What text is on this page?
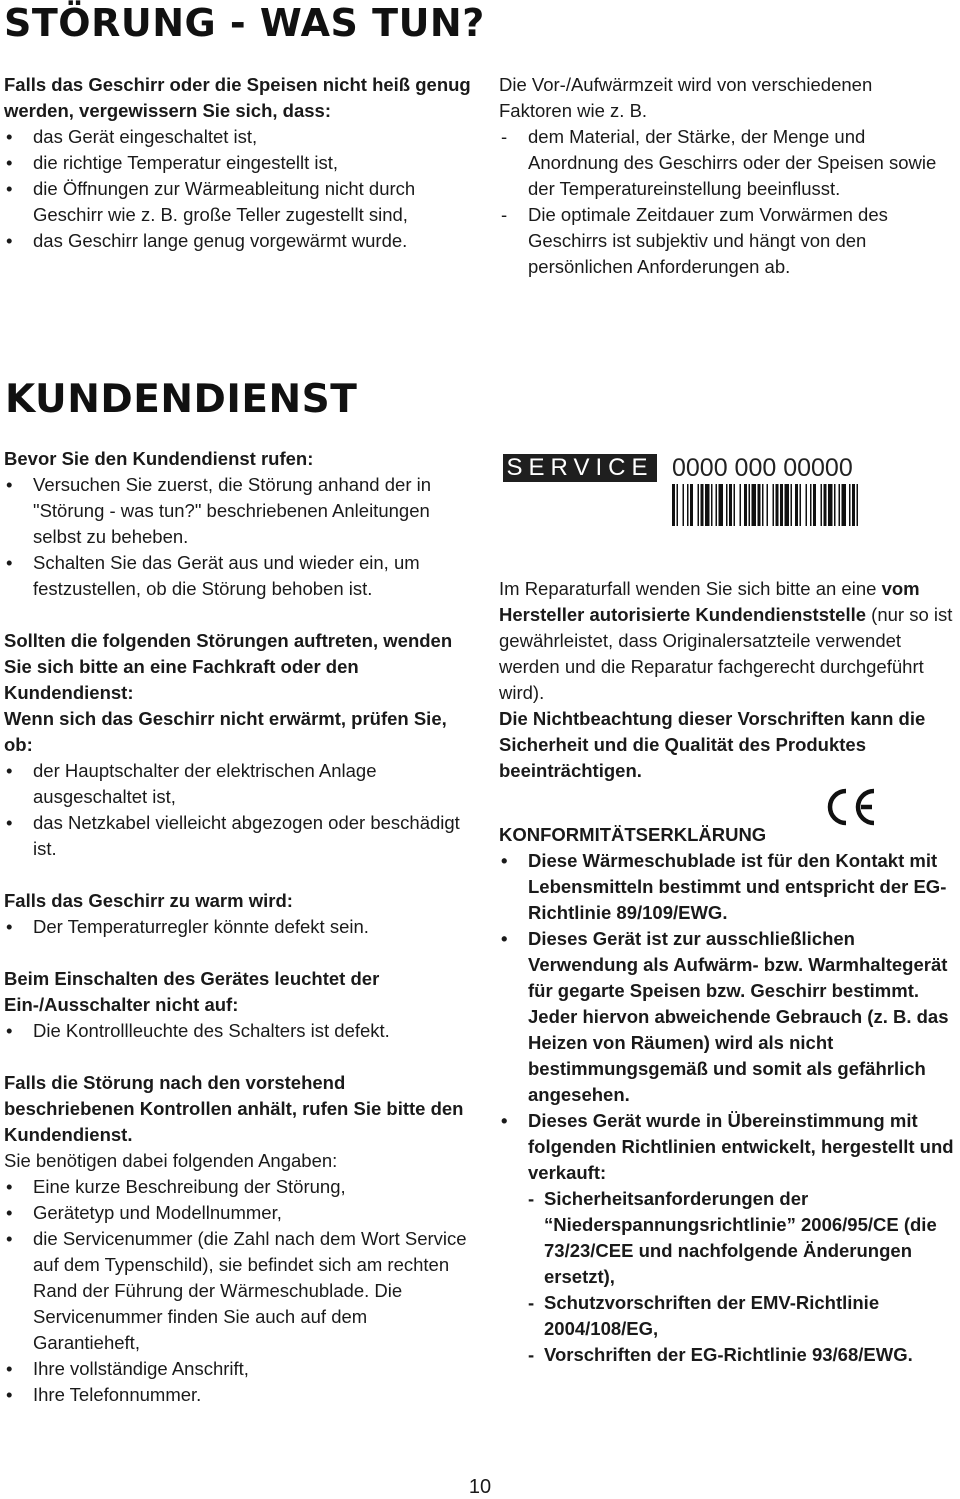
STÖRUNG - WAS TUN?
KUNDENDIENST

Falls das Geschirr oder die Speisen nicht heiß genug werden, vergewissern Sie sich, dass:

• das Gerät eingeschaltet ist,
• die richtige Temperatur eingestellt ist,
• die Öffnungen zur Wärmeableitung nicht durch Geschirr wie z. B. große Teller zugestellt sind,
• das Geschirr lange genug vorgewärmt wurde.

Die Vor-/Aufwärmzeit wird von verschiedenen Faktoren wie z. B.

- dem Material, der Stärke, der Menge und Anordnung des Geschirrs oder der Speisen sowie der Temperatureinstellung beeinflusst.
- Die optimale Zeitdauer zum Vorwärmen des Geschirrs ist subjektiv und hängt von den persönlichen Anforderungen ab.

Bevor Sie den Kundendienst rufen:

• Versuchen Sie zuerst, die Störung anhand der in "Störung - was tun?" beschriebenen Anleitungen selbst zu beheben.
• Schalten Sie das Gerät aus und wieder ein, um festzustellen, ob die Störung behoben ist.

Sollten die folgenden Störungen auftreten, wenden Sie sich bitte an eine Fachkraft oder den Kundendienst:

Wenn sich das Geschirr nicht erwärmt, prüfen Sie, ob:

• der Hauptschalter der elektrischen Anlage ausgeschaltet ist,
• das Netzkabel vielleicht abgezogen oder beschädigt ist.

Falls das Geschirr zu warm wird:

• Der Temperaturregler könnte defekt sein.

Beim Einschalten des Gerätes leuchtet der Ein-/Ausschalter nicht auf:

• Die Kontrollleuchte des Schalters ist defekt.

Falls die Störung nach den vorstehend beschriebenen Kontrollen anhält, rufen Sie bitte den Kundendienst.

Sie benötigen dabei folgenden Angaben:

• Eine kurze Beschreibung der Störung,
• Gerätetyp und Modellnummer,
• die Servicenummer (die Zahl nach dem Wort Service auf dem Typenschild), sie befindet sich am rechten Rand der Führung der Wärmeschublade. Die Servicenummer finden Sie auch auf dem Garantieheft,
• Ihre vollständige Anschrift,
• Ihre Telefonnummer.
SERVICE 0000 000 00000

Im Reparaturfall wenden Sie sich bitte an eine vom Hersteller autorisierte Kundendienststelle (nur so ist gewährleistet, dass Originalersatzteile verwendet werden und die Reparatur fachgerecht durchgeführt wird).

Die Nichtbeachtung dieser Vorschriften kann die Sicherheit und die Qualität des Produktes beeinträchtigen.

KONFORMITÄTSERKLÄRUNG

• Diese Wärmeschublade ist für den Kontakt mit Lebensmitteln bestimmt und entspricht der EG-Richtlinie 89/109/EWG.
• Dieses Gerät ist zur ausschließlichen Verwendung als Aufwärm- bzw. Warmhaltegerät für gegarte Speisen bzw. Geschirr bestimmt. Jeder hiervon abweichende Gebrauch (z. B. das Heizen von Räumen) wird als nicht bestimmungsgemäß und somit als gefährlich angesehen.
• Dieses Gerät wurde in Übereinstimmung mit folgenden Richtlinien entwickelt, hergestellt und verkauft:
- Sicherheitsanforderungen der “Niederspannungsrichtlinie” 2006/95/CE (die 73/23/CEE und nachfolgende Änderungen ersetzt),
- Schutzvorschriften der EMV-Richtlinie 2004/108/EG,
- Vorschriften der EG-Richtlinie 93/68/EWG.
10
